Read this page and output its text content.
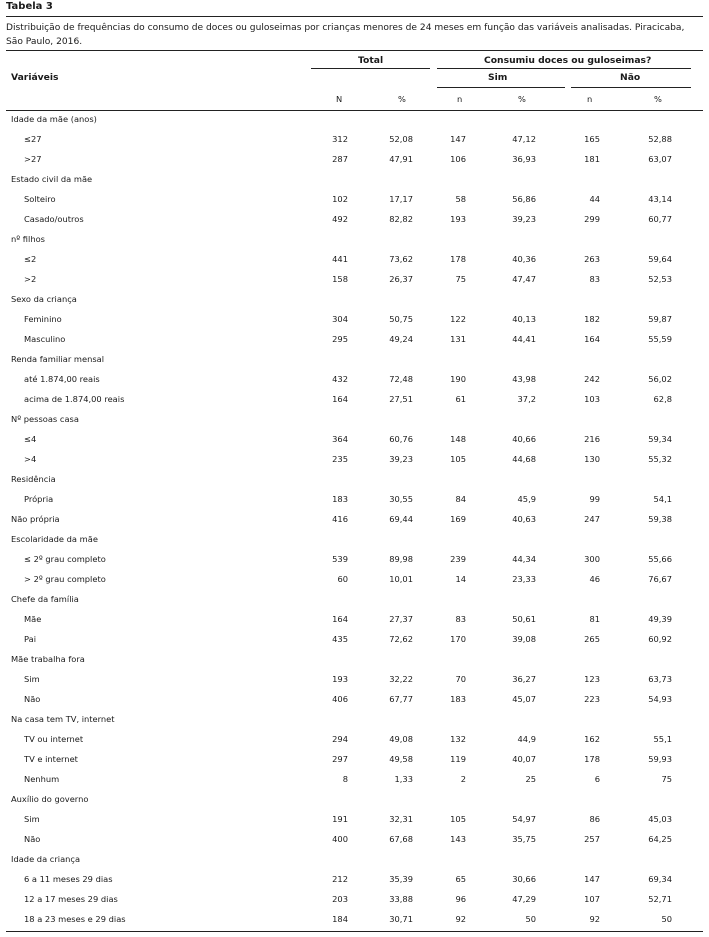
Tabela 3
Distribuição de frequências do consumo de doces ou guloseimas por crianças menores de 24 meses em função das variáveis analisadas. Piracicaba, São Paulo, 2016.
Variáveis
Total	Consumiu doces ou guloseimas?
Sim	Não
N	%	n	%	n	%
Idade da mãe (anos)
≤27	312	52,08	147	47,12	165	52,88
>27	287	47,91	106	36,93	181	63,07
Estado civil da mãe
Solteiro	102	17,17	58	56,86	44	43,14
Casado/outros	492	82,82	193	39,23	299	60,77
nº filhos
≤2	441	73,62	178	40,36	263	59,64
>2	158	26,37	75	47,47	83	52,53
Sexo da criança
Feminino	304	50,75	122	40,13	182	59,87
Masculino	295	49,24	131	44,41	164	55,59
Renda familiar mensal
até 1.874,00 reais	432	72,48	190	43,98	242	56,02
acima de 1.874,00 reais	164	27,51	61	37,2	103	62,8
Nº pessoas casa
≤4	364	60,76	148	40,66	216	59,34
>4	235	39,23	105	44,68	130	55,32
Residência
Própria	183	30,55	84	45,9	99	54,1
Não própria	416	69,44	169	40,63	247	59,38
Escolaridade da mãe
≤ 2º grau completo	539	89,98	239	44,34	300	55,66
> 2º grau completo	60	10,01	14	23,33	46	76,67
Chefe da família
Mãe	164	27,37	83	50,61	81	49,39
Pai	435	72,62	170	39,08	265	60,92
Mãe trabalha fora
Sim	193	32,22	70	36,27	123	63,73
Não	406	67,77	183	45,07	223	54,93
Na casa tem TV, internet
TV ou internet	294	49,08	132	44,9	162	55,1
TV e internet	297	49,58	119	40,07	178	59,93
Nenhum	8	1,33	2	25	6	75
Auxílio do governo
Sim	191	32,31	105	54,97	86	45,03
Não	400	67,68	143	35,75	257	64,25
Idade da criança
6 a 11 meses 29 dias	212	35,39	65	30,66	147	69,34
12 a 17 meses 29 dias	203	33,88	96	47,29	107	52,71
18 a 23 meses e 29 dias	184	30,71	92	50	92	50
